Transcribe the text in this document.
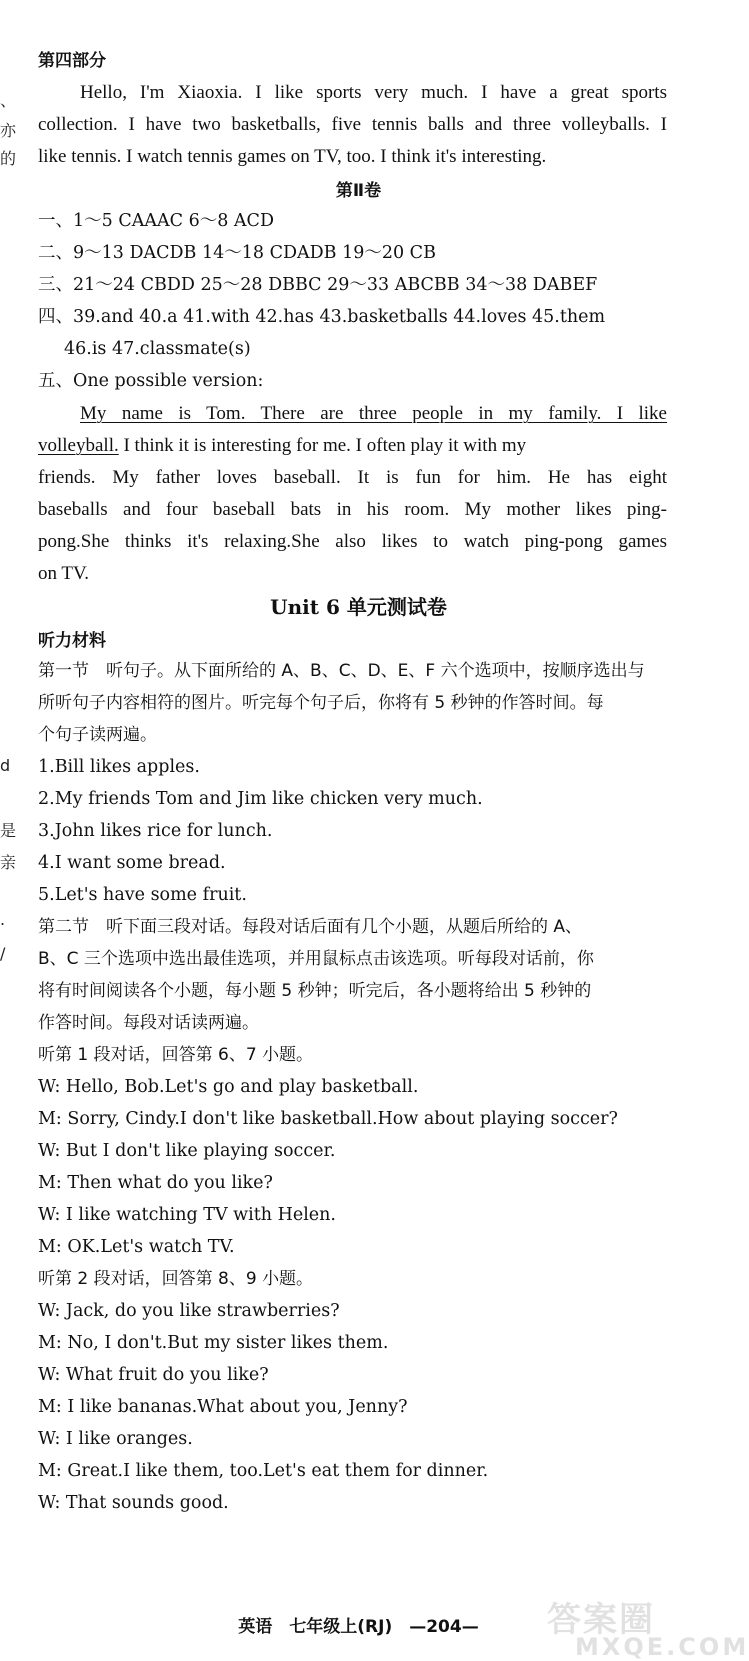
、
亦
的
d
是
亲
.
/
第四部分
Hello, I'm Xiaoxia. I like sports very much. I have a great sports
collection. I have two basketballs, five tennis balls and three volleyballs. I
like tennis. I watch tennis games on TV, too. I think it's interesting.
第Ⅱ卷
一、1～5 CAAAC 6～8 ACD
二、9～13 DACDB 14～18 CDADB 19～20 CB
三、21～24 CBDD 25～28 DBBC 29～33 ABCBB 34～38 DABEF
四、39.and 40.a 41.with 42.has 43.basketballs 44.loves 45.them
46.is 47.classmate(s)
五、One possible version:
My name is Tom. There are three people in my family. I like
volleyball. I think it is interesting for me. I often play it with my
friends. My father loves baseball. It is fun for him. He has eight
baseballs and four baseball bats in his room. My mother likes ping-
pong.She thinks it's relaxing.She also likes to watch ping-pong games
on TV.
Unit 6 单元测试卷
听力材料
第一节　听句子。从下面所给的 A、B、C、D、E、F 六个选项中，按顺序选出与
所听句子内容相符的图片。听完每个句子后，你将有 5 秒钟的作答时间。每
个句子读两遍。
1.Bill likes apples.
2.My friends Tom and Jim like chicken very much.
3.John likes rice for lunch.
4.I want some bread.
5.Let's have some fruit.
第二节　听下面三段对话。每段对话后面有几个小题，从题后所给的 A、
B、C 三个选项中选出最佳选项，并用鼠标点击该选项。听每段对话前，你
将有时间阅读各个小题，每小题 5 秒钟；听完后，各小题将给出 5 秒钟的
作答时间。每段对话读两遍。
听第 1 段对话，回答第 6、7 小题。
W: Hello, Bob.Let's go and play basketball.
M: Sorry, Cindy.I don't like basketball.How about playing soccer?
W: But I don't like playing soccer.
M: Then what do you like?
W: I like watching TV with Helen.
M: OK.Let's watch TV.
听第 2 段对话，回答第 8、9 小题。
W: Jack, do you like strawberries?
M: No, I don't.But my sister likes them.
W: What fruit do you like?
M: I like bananas.What about you, Jenny?
W: I like oranges.
M: Great.I like them, too.Let's eat them for dinner.
W: That sounds good.
英语　七年级上(RJ)　—204—	答案圈
MXQE.COM
